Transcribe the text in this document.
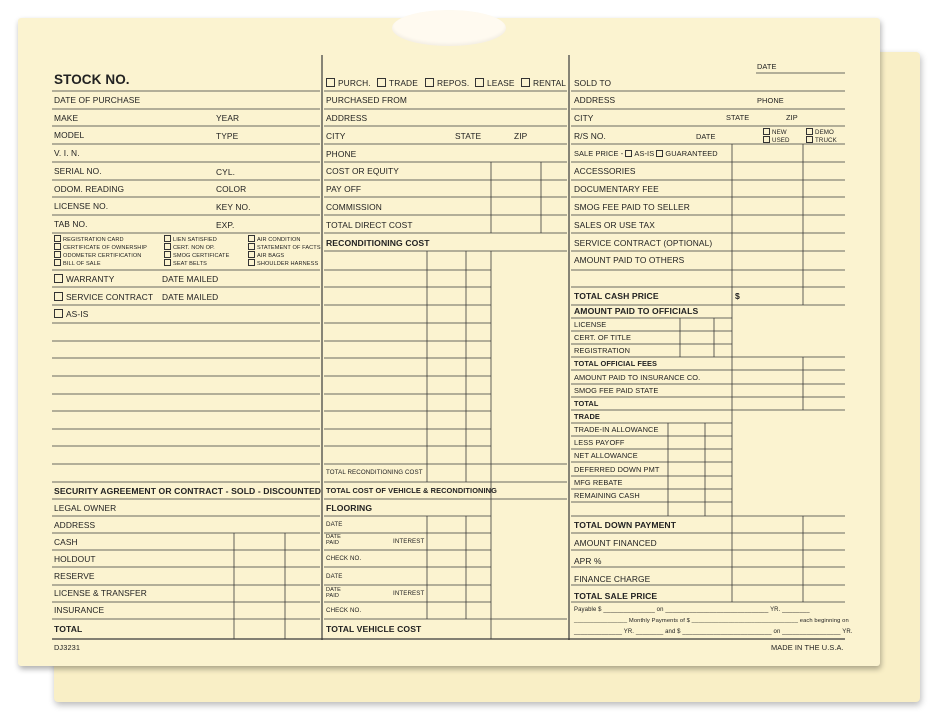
STOCK NO.
DATE OF PURCHASE
MAKE	YEAR
MODEL	TYPE
V. I. N.
SERIAL NO.	CYL.
ODOM. READING	COLOR
LICENSE NO.	KEY NO.
TAB NO.	EXP.
REGISTRATION CARD
CERTIFICATE OF OWNERSHIP
ODOMETER CERTIFICATION
BILL OF SALE
LIEN SATISFIED
CERT. NON OP.
SMOG CERTIFICATE
SEAT BELTS
AIR CONDITION
STATEMENT OF FACTS
AIR BAGS
SHOULDER HARNESS
WARRANTY	DATE MAILED
SERVICE CONTRACT DATE MAILED
AS-IS
SECURITY AGREEMENT OR CONTRACT - SOLD - DISCOUNTED
LEGAL OWNER
ADDRESS
CASH
HOLDOUT
RESERVE
LICENSE & TRANSFER
INSURANCE
TOTAL
DJ3231
PURCH.	TRADE	REPOS.	LEASE	RENTAL
PURCHASED FROM
ADDRESS
CITY	STATE	ZIP
PHONE
COST OR EQUITY
PAY OFF
COMMISSION
TOTAL DIRECT COST
RECONDITIONING COST
TOTAL RECONDITIONING COST
TOTAL COST OF VEHICLE & RECONDITIONING
FLOORING
DATE
DATE PAID	INTEREST
CHECK NO.
DATE
DATE PAID	INTEREST
CHECK NO.
TOTAL VEHICLE COST
DATE
SOLD TO
ADDRESS	PHONE
CITY	STATE	ZIP
R/S NO.	DATE	NEW
USED
DEMO
TRUCK
SALE PRICE - AS-IS GUARANTEED
ACCESSORIES
DOCUMENTARY FEE
SMOG FEE PAID TO SELLER
SALES OR USE TAX
SERVICE CONTRACT (OPTIONAL)
AMOUNT PAID TO OTHERS
TOTAL CASH PRICE	$
AMOUNT PAID TO OFFICIALS
LICENSE
CERT. OF TITLE
REGISTRATION
TOTAL OFFICIAL FEES
AMOUNT PAID TO INSURANCE CO.
SMOG FEE PAID STATE
TOTAL
TRADE
TRADE-IN ALLOWANCE
LESS PAYOFF
NET ALLOWANCE
DEFERRED DOWN PMT
MFG REBATE
REMAINING CASH
TOTAL DOWN PAYMENT
AMOUNT FINANCED
APR %
FINANCE CHARGE
TOTAL SALE PRICE
Payable $ _______________ on ______________________________ YR. ________
________________ Monthly Payments of $ ________________________________ each beginning on
______________ YR. ________ and $ __________________________ on _________________ YR.
MADE IN THE U.S.A.
